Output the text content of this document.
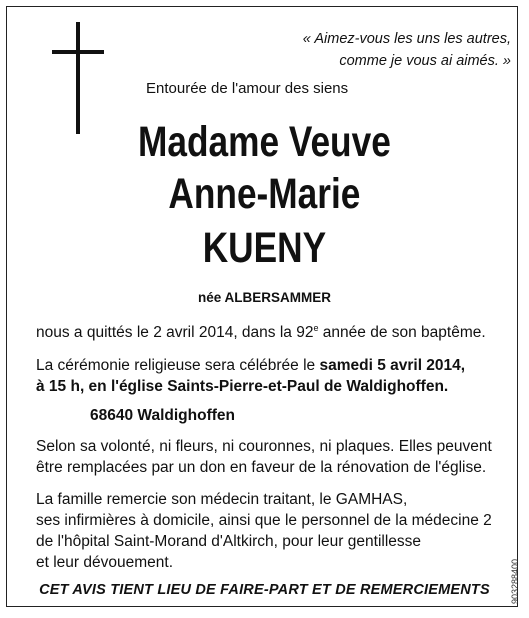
« Aimez-vous les uns les autres,
comme je vous ai aimés. »
Entourée de l'amour des siens
Madame Veuve
Anne-Marie
KUENY
née ALBERSAMMER
nous a quittés le 2 avril 2014, dans la 92e année de son baptême.
La cérémonie religieuse sera célébrée le samedi 5 avril 2014,
à 15 h, en l'église Saints-Pierre-et-Paul de Waldighoffen.
68640 Waldighoffen
Selon sa volonté, ni fleurs, ni couronnes, ni plaques. Elles peuvent
être remplacées par un don en faveur de la rénovation de l'église.
La famille remercie son médecin traitant, le GAMHAS,
ses infirmières à domicile, ainsi que le personnel de la médecine 2
de l'hôpital Saint-Morand d'Altkirch, pour leur gentillesse
et leur dévouement.
CET AVIS TIENT LIEU DE FAIRE-PART ET DE REMERCIEMENTS	903288400
